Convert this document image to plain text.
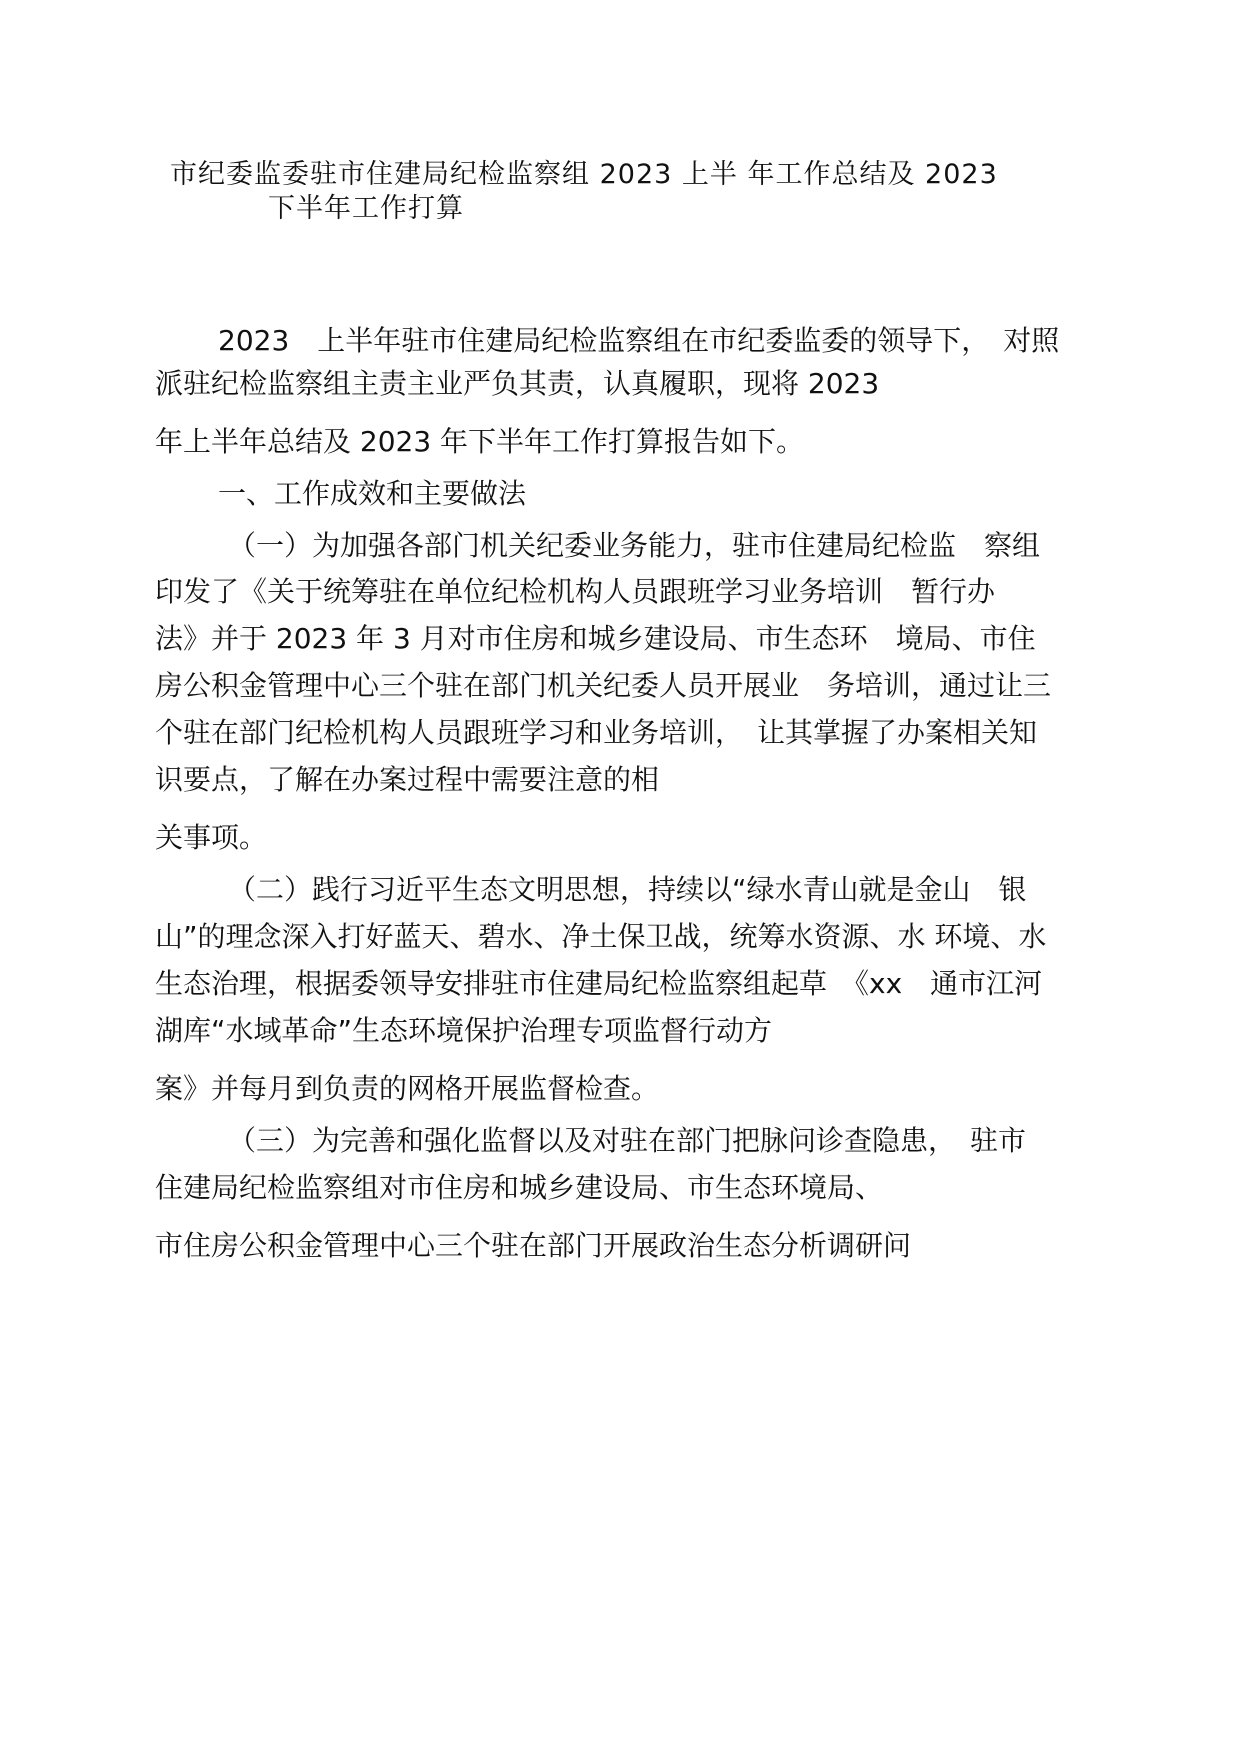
市纪委监委驻市住建局纪检监察组 2023 上半 年工作总结及 2023
下半年工作打算

2023　上半年驻市住建局纪检监察组在市纪委监委的领导下，　对照

派驻纪检监察组主责主业严负其责，认真履职，现将 2023

年上半年总结及 2023 年下半年工作打算报告如下。

一、工作成效和主要做法

（一）为加强各部门机关纪委业务能力，驻市住建局纪检监　察组

印发了《关于统筹驻在单位纪检机构人员跟班学习业务培训　暂行办

法》并于 2023 年 3 月对市住房和城乡建设局、市生态环　境局、市住

房公积金管理中心三个驻在部门机关纪委人员开展业　务培训，通过让三

个驻在部门纪检机构人员跟班学习和业务培训，　让其掌握了办案相关知

识要点，了解在办案过程中需要注意的相

关事项。

（二）践行习近平生态文明思想，持续以“绿水青山就是金山　银

山”的理念深入打好蓝天、碧水、净土保卫战，统筹水资源、水 环境、水

生态治理，根据委领导安排驻市住建局纪检监察组起草　《xx　通市江河

湖库“水域革命”生态环境保护治理专项监督行动方

案》并每月到负责的网格开展监督检查。

（三）为完善和强化监督以及对驻在部门把脉问诊查隐患，　驻市

住建局纪检监察组对市住房和城乡建设局、市生态环境局、

市住房公积金管理中心三个驻在部门开展政治生态分析调研问
